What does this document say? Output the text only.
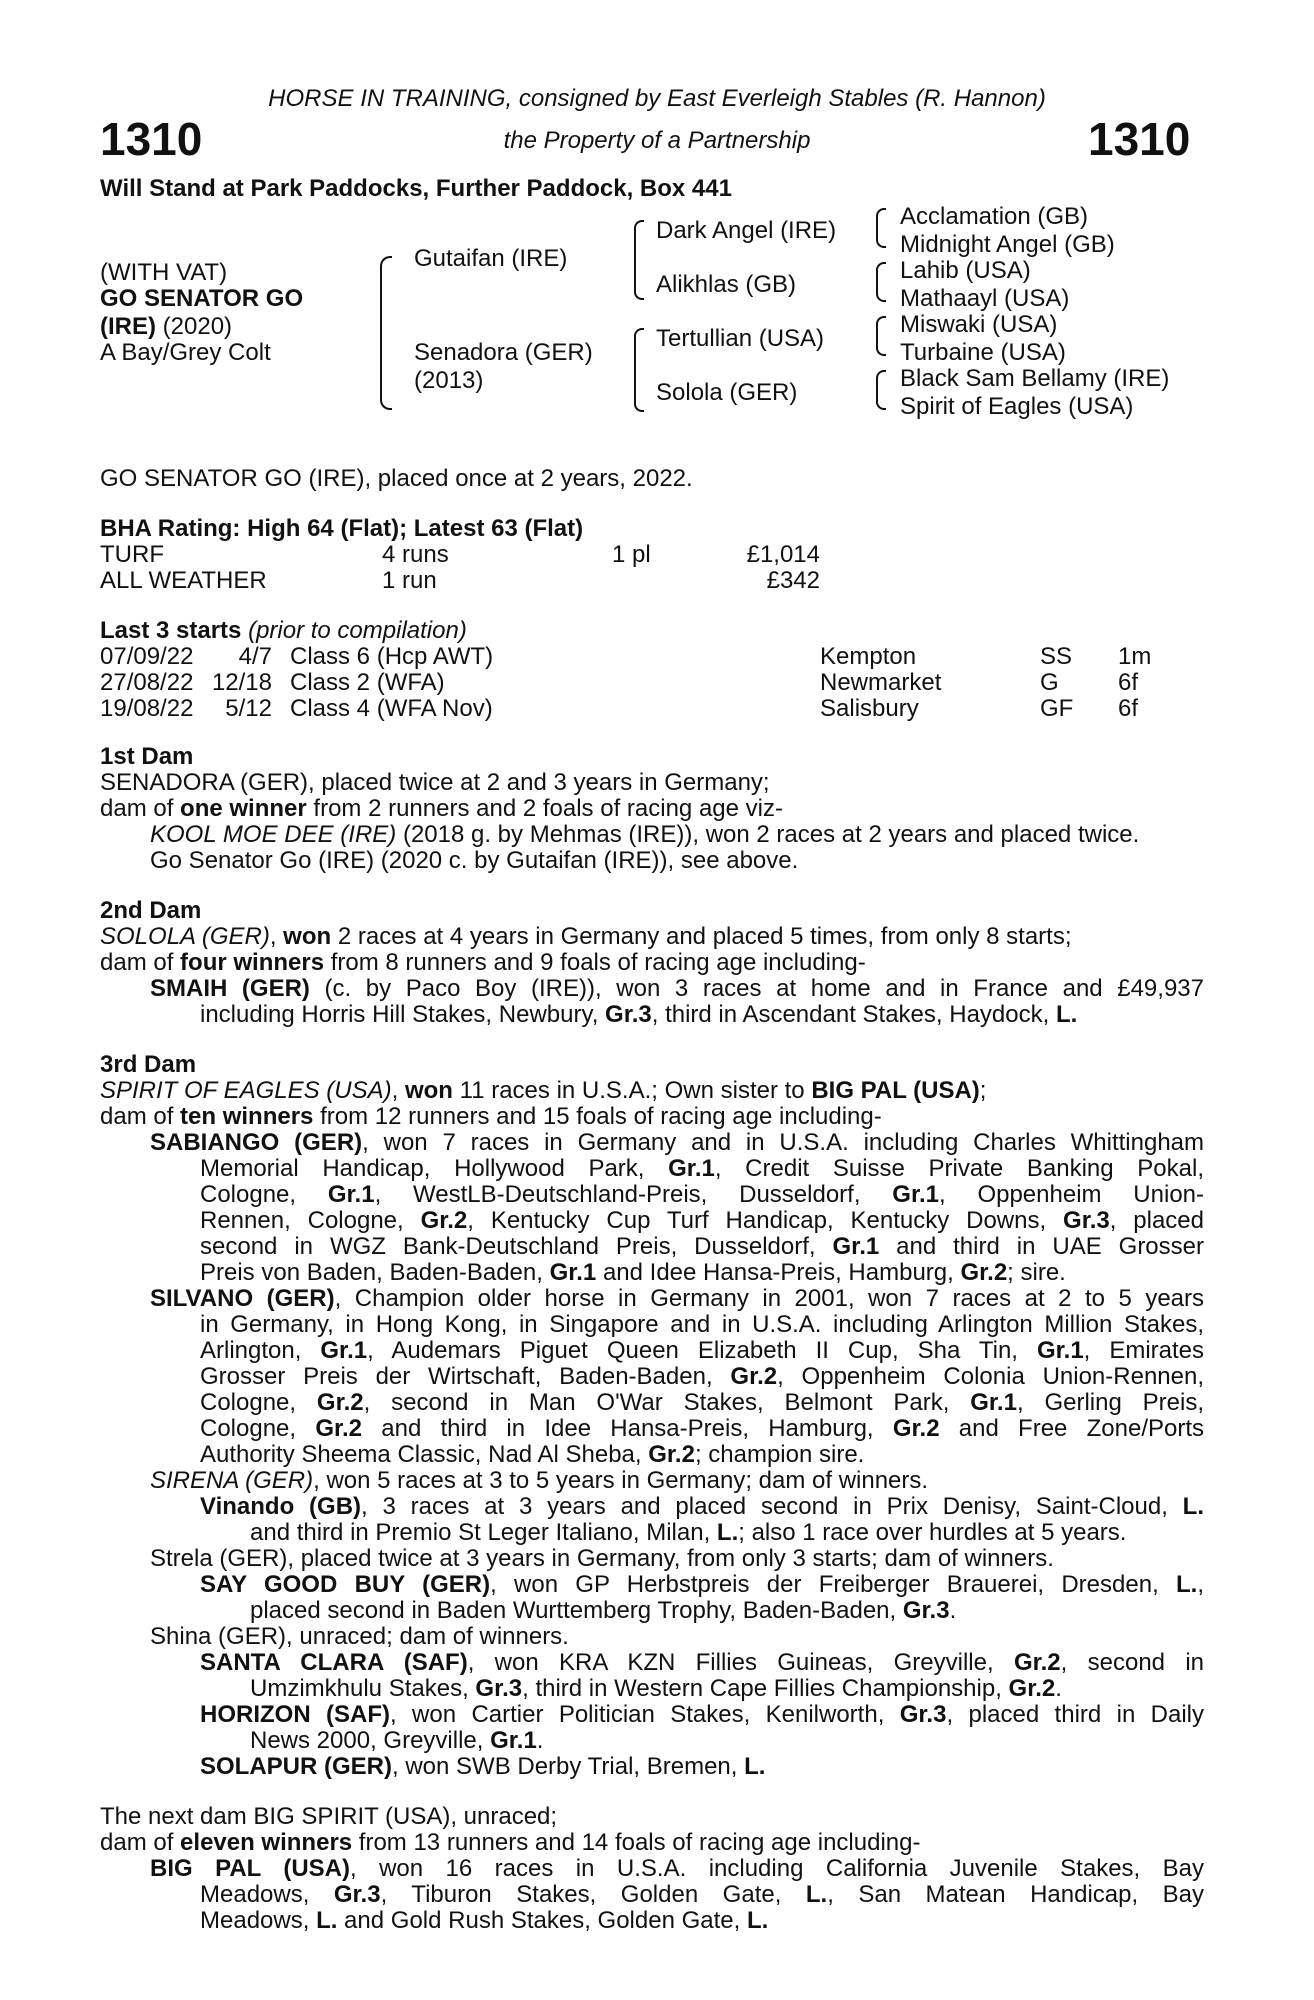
HORSE IN TRAINING, consigned by East Everleigh Stables (R. Hannon)
1310	the Property of a Partnership	1310
Will Stand at Park Paddocks, Further Paddock, Box 441
(WITH VAT)
GO SENATOR GO
(IRE) (2020)
A Bay/Grey Colt
Gutaifan (IRE)
Senadora (GER)
(2013)
Dark Angel (IRE)
Alikhlas (GB)
Tertullian (USA)
Solola (GER)
Acclamation (GB)
Midnight Angel (GB)
Lahib (USA)
Mathaayl (USA)
Miswaki (USA)
Turbaine (USA)
Black Sam Bellamy (IRE)
Spirit of Eagles (USA)
GO SENATOR GO (IRE), placed once at 2 years, 2022.
BHA Rating: High 64 (Flat); Latest 63 (Flat)
TURF	4 runs	1 pl	£1,014
ALL WEATHER	1 run	£342
Last 3 starts (prior to compilation)
07/09/22	4/7 Class 6 (Hcp AWT)	Kempton	SS 1m
27/08/22 12/18 Class 2 (WFA)	Newmarket	G 6f
19/08/22	5/12 Class 4 (WFA Nov)	Salisbury	GF 6f
1st Dam
SENADORA (GER), placed twice at 2 and 3 years in Germany;
dam of one winner from 2 runners and 2 foals of racing age viz-
KOOL MOE DEE (IRE) (2018 g. by Mehmas (IRE)), won 2 races at 2 years and placed twice.
Go Senator Go (IRE) (2020 c. by Gutaifan (IRE)), see above.
2nd Dam
SOLOLA (GER), won 2 races at 4 years in Germany and placed 5 times, from only 8 starts;
dam of four winners from 8 runners and 9 foals of racing age including-
SMAIH (GER) (c. by Paco Boy (IRE)), won 3 races at home and in France and £49,937
including Horris Hill Stakes, Newbury, Gr.3, third in Ascendant Stakes, Haydock, L.
3rd Dam
SPIRIT OF EAGLES (USA), won 11 races in U.S.A.; Own sister to BIG PAL (USA);
dam of ten winners from 12 runners and 15 foals of racing age including-
SABIANGO (GER), won 7 races in Germany and in U.S.A. including Charles Whittingham
Memorial Handicap, Hollywood Park, Gr.1, Credit Suisse Private Banking Pokal,
Cologne, Gr.1, WestLB-Deutschland-Preis, Dusseldorf, Gr.1, Oppenheim Union-
Rennen, Cologne, Gr.2, Kentucky Cup Turf Handicap, Kentucky Downs, Gr.3, placed
second in WGZ Bank-Deutschland Preis, Dusseldorf, Gr.1 and third in UAE Grosser
Preis von Baden, Baden-Baden, Gr.1 and Idee Hansa-Preis, Hamburg, Gr.2; sire.
SILVANO (GER), Champion older horse in Germany in 2001, won 7 races at 2 to 5 years
in Germany, in Hong Kong, in Singapore and in U.S.A. including Arlington Million Stakes,
Arlington, Gr.1, Audemars Piguet Queen Elizabeth II Cup, Sha Tin, Gr.1, Emirates
Grosser Preis der Wirtschaft, Baden-Baden, Gr.2, Oppenheim Colonia Union-Rennen,
Cologne, Gr.2, second in Man O'War Stakes, Belmont Park, Gr.1, Gerling Preis,
Cologne, Gr.2 and third in Idee Hansa-Preis, Hamburg, Gr.2 and Free Zone/Ports
Authority Sheema Classic, Nad Al Sheba, Gr.2; champion sire.
SIRENA (GER), won 5 races at 3 to 5 years in Germany; dam of winners.
Vinando (GB), 3 races at 3 years and placed second in Prix Denisy, Saint-Cloud, L.
and third in Premio St Leger Italiano, Milan, L.; also 1 race over hurdles at 5 years.
Strela (GER), placed twice at 3 years in Germany, from only 3 starts; dam of winners.
SAY GOOD BUY (GER), won GP Herbstpreis der Freiberger Brauerei, Dresden, L.,
placed second in Baden Wurttemberg Trophy, Baden-Baden, Gr.3.
Shina (GER), unraced; dam of winners.
SANTA CLARA (SAF), won KRA KZN Fillies Guineas, Greyville, Gr.2, second in
Umzimkhulu Stakes, Gr.3, third in Western Cape Fillies Championship, Gr.2.
HORIZON (SAF), won Cartier Politician Stakes, Kenilworth, Gr.3, placed third in Daily
News 2000, Greyville, Gr.1.
SOLAPUR (GER), won SWB Derby Trial, Bremen, L.
The next dam BIG SPIRIT (USA), unraced;
dam of eleven winners from 13 runners and 14 foals of racing age including-
BIG PAL (USA), won 16 races in U.S.A. including California Juvenile Stakes, Bay
Meadows, Gr.3, Tiburon Stakes, Golden Gate, L., San Matean Handicap, Bay
Meadows, L. and Gold Rush Stakes, Golden Gate, L.
